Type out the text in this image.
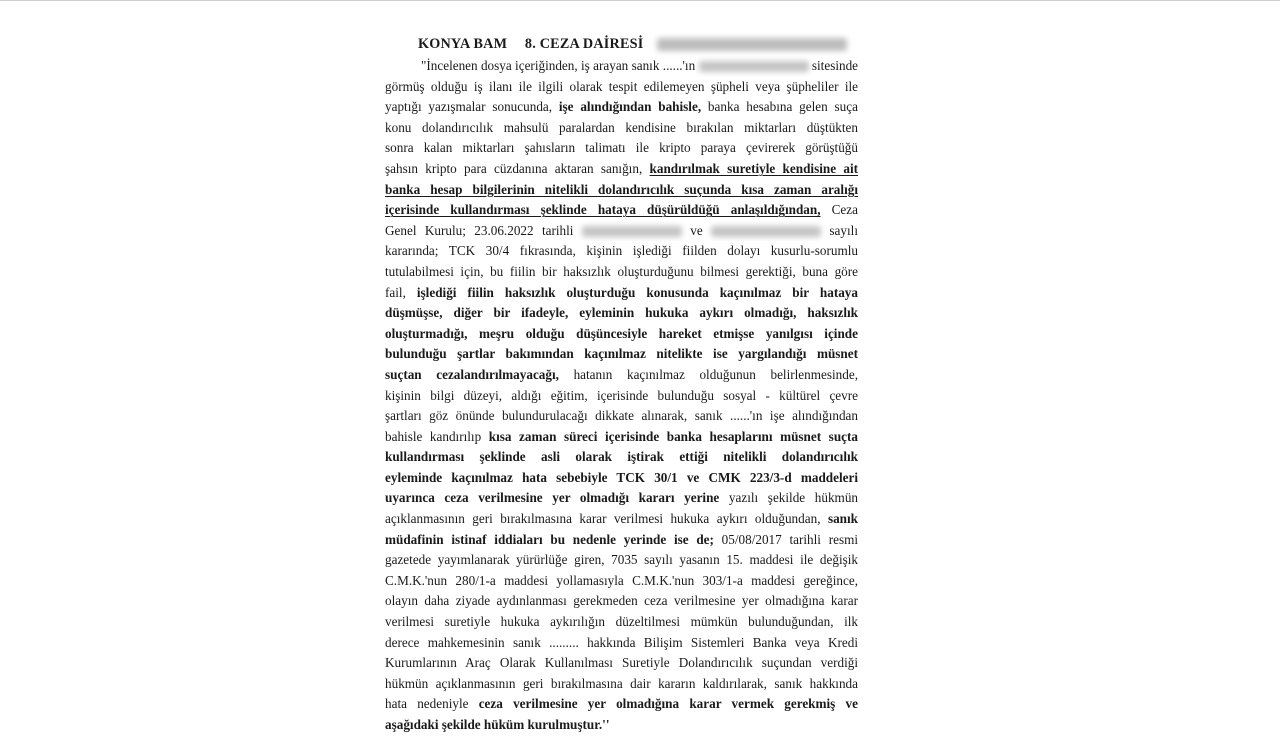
KONYA BAM 8. CEZA DAİRESİ
"İncelenen dosya içeriğinden, iş arayan sanık ......'ın	sitesinde
görmüş olduğu iş ilanı ile ilgili olarak tespit edilemeyen şüpheli veya şüpheliler ile
yaptığı yazışmalar sonucunda, işe alındığından bahisle, banka hesabına gelen suça
konu dolandırıcılık mahsulü paralardan kendisine bırakılan miktarları düştükten
sonra kalan miktarları şahısların talimatı ile kripto paraya çevirerek görüştüğü
şahsın kripto para cüzdanına aktaran sanığın, kandırılmak suretiyle kendisine ait
banka hesap bilgilerinin nitelikli dolandırıcılık suçunda kısa zaman aralığı
içerisinde kullandırması şeklinde hataya düşürüldüğü anlaşıldığından, Ceza
Genel Kurulu; 23.06.2022 tarihli	ve	sayılı
kararında; TCK 30/4 fıkrasında, kişinin işlediği fiilden dolayı kusurlu-sorumlu
tutulabilmesi için, bu fiilin bir haksızlık oluşturduğunu bilmesi gerektiği, buna göre
fail, işlediği fiilin haksızlık oluşturduğu konusunda kaçınılmaz bir hataya
düşmüşse, diğer bir ifadeyle, eyleminin hukuka aykırı olmadığı, haksızlık
oluşturmadığı, meşru olduğu düşüncesiyle hareket etmişse yanılgısı içinde
bulunduğu şartlar bakımından kaçınılmaz nitelikte ise yargılandığı müsnet
suçtan cezalandırılmayacağı, hatanın kaçınılmaz olduğunun belirlenmesinde,
kişinin bilgi düzeyi, aldığı eğitim, içerisinde bulunduğu sosyal - kültürel çevre
şartları göz önünde bulundurulacağı dikkate alınarak, sanık ......'ın işe alındığından
bahisle kandırılıp kısa zaman süreci içerisinde banka hesaplarını müsnet suçta
kullandırması şeklinde asli olarak iştirak ettiği nitelikli dolandırıcılık
eyleminde kaçınılmaz hata sebebiyle TCK 30/1 ve CMK 223/3-d maddeleri
uyarınca ceza verilmesine yer olmadığı kararı yerine yazılı şekilde hükmün
açıklanmasının geri bırakılmasına karar verilmesi hukuka aykırı olduğundan, sanık
müdafinin istinaf iddiaları bu nedenle yerinde ise de; 05/08/2017 tarihli resmi
gazetede yayımlanarak yürürlüğe giren, 7035 sayılı yasanın 15. maddesi ile değişik
C.M.K.'nun 280/1-a maddesi yollamasıyla C.M.K.'nun 303/1-a maddesi gereğince,
olayın daha ziyade aydınlanması gerekmeden ceza verilmesine yer olmadığına karar
verilmesi suretiyle hukuka aykırılığın düzeltilmesi mümkün bulunduğundan, ilk
derece mahkemesinin sanık ......... hakkında Bilişim Sistemleri Banka veya Kredi
Kurumlarının Araç Olarak Kullanılması Suretiyle Dolandırıcılık suçundan verdiği
hükmün açıklanmasının geri bırakılmasına dair kararın kaldırılarak, sanık hakkında
hata nedeniyle ceza verilmesine yer olmadığına karar vermek gerekmiş ve
aşağıdaki şekilde hüküm kurulmuştur.''
